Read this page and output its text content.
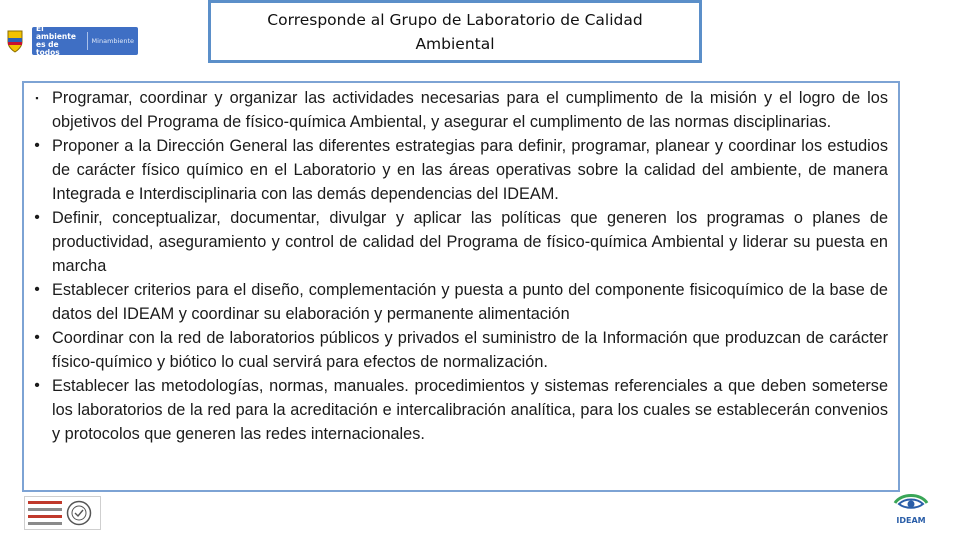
El ambiente es de todos
Minambiente
Corresponde al Grupo de Laboratorio de Calidad
Ambiental
▪ Programar, coordinar y organizar las actividades necesarias para el cumplimento de la misión y el logro de los objetivos del Programa de físico-química Ambiental, y asegurar el cumplimento de las normas disciplinarias.
• Proponer a la Dirección General las diferentes estrategias para definir, programar, planear y coordinar los estudios de carácter físico químico en el Laboratorio y en las áreas operativas sobre la calidad del ambiente, de manera Integrada e Interdisciplinaria con las demás dependencias del IDEAM.
• Definir, conceptualizar, documentar, divulgar y aplicar las políticas que generen los programas o planes de productividad, aseguramiento y control de calidad del Programa de físico-química Ambiental y liderar su puesta en marcha
• Establecer criterios para el diseño, complementación y puesta a punto del componente fisicoquímico de la base de datos del IDEAM y coordinar su elaboración y permanente alimentación
• Coordinar con la red de laboratorios públicos y privados el suministro de la Información que produzcan de carácter físico-químico y biótico lo cual servirá para efectos de normalización.
• Establecer las metodologías, normas, manuales. procedimientos y sistemas referenciales a que deben someterse los laboratorios de la red para la acreditación e intercalibración analítica, para los cuales se establecerán convenios y protocolos que generen las redes internacionales.
IDEAM
